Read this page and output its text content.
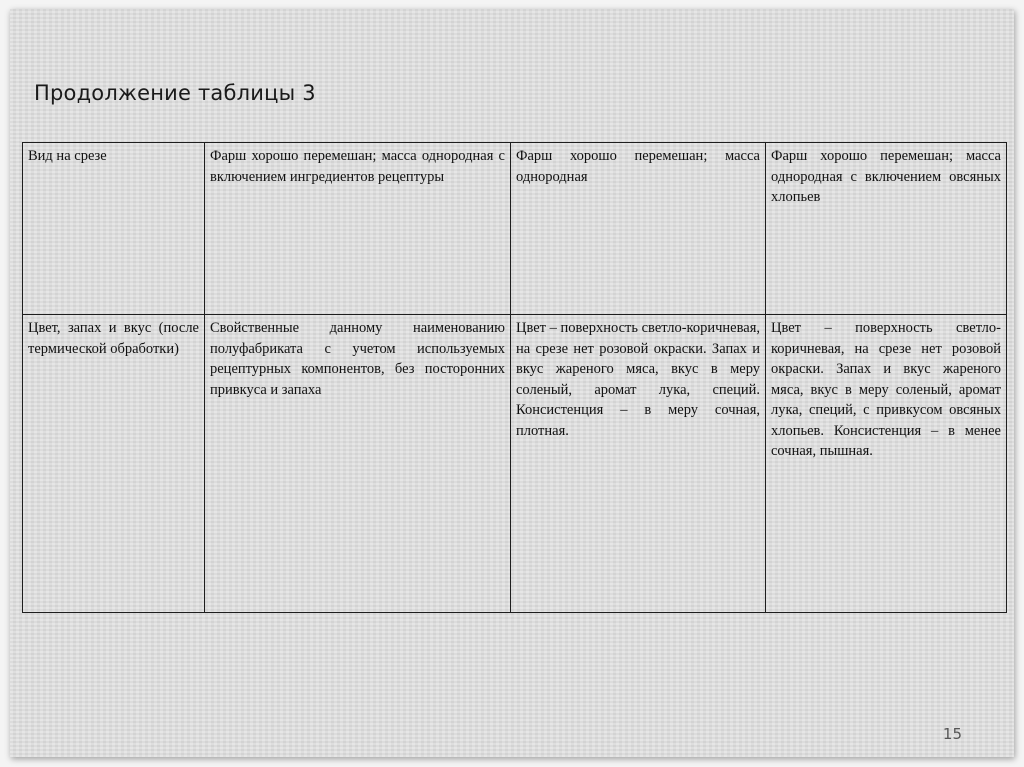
Продолжение таблицы 3
Вид на срезе	Фарш хорошо перемешан; масса однородная с включением ингредиентов рецептуры	Фарш хорошо перемешан; масса однородная	Фарш хорошо перемешан; масса однородная с включением овсяных хлопьев
Цвет, запах и вкус (после термической обработки)	Свойственные данному наименованию полуфабриката с учетом используемых рецептурных компонентов, без посторонних привкуса и запаха	Цвет – поверхность светло-коричневая, на срезе нет розовой окраски. Запах и вкус жареного мяса, вкус в меру соленый, аромат лука, специй. Консистенция – в меру сочная, плотная.	Цвет – поверхность светло-коричневая, на срезе нет розовой окраски. Запах и вкус жареного мяса, вкус в меру соленый, аромат лука, специй, с привкусом овсяных хлопьев. Консистенция – в менее сочная, пышная.
15
